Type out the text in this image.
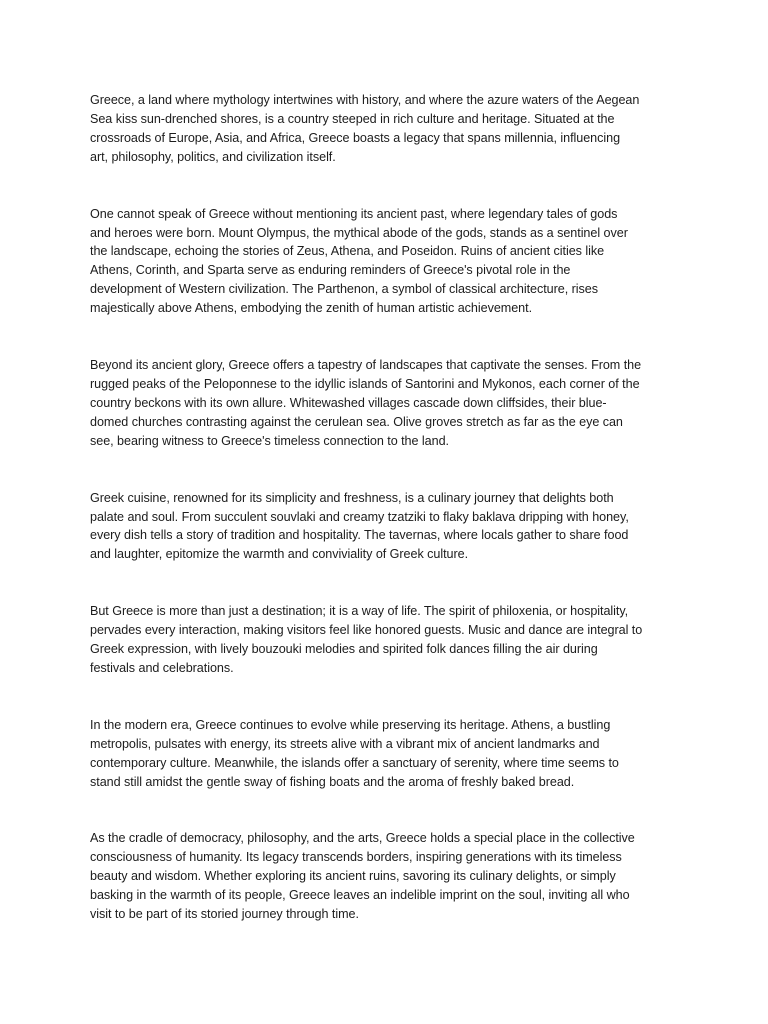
Greece, a land where mythology intertwines with history, and where the azure waters of the Aegean
Sea kiss sun-drenched shores, is a country steeped in rich culture and heritage. Situated at the
crossroads of Europe, Asia, and Africa, Greece boasts a legacy that spans millennia, influencing
art, philosophy, politics, and civilization itself.

One cannot speak of Greece without mentioning its ancient past, where legendary tales of gods
and heroes were born. Mount Olympus, the mythical abode of the gods, stands as a sentinel over
the landscape, echoing the stories of Zeus, Athena, and Poseidon. Ruins of ancient cities like
Athens, Corinth, and Sparta serve as enduring reminders of Greece's pivotal role in the
development of Western civilization. The Parthenon, a symbol of classical architecture, rises
majestically above Athens, embodying the zenith of human artistic achievement.

Beyond its ancient glory, Greece offers a tapestry of landscapes that captivate the senses. From the
rugged peaks of the Peloponnese to the idyllic islands of Santorini and Mykonos, each corner of the
country beckons with its own allure. Whitewashed villages cascade down cliffsides, their blue-
domed churches contrasting against the cerulean sea. Olive groves stretch as far as the eye can
see, bearing witness to Greece's timeless connection to the land.

Greek cuisine, renowned for its simplicity and freshness, is a culinary journey that delights both
palate and soul. From succulent souvlaki and creamy tzatziki to flaky baklava dripping with honey,
every dish tells a story of tradition and hospitality. The tavernas, where locals gather to share food
and laughter, epitomize the warmth and conviviality of Greek culture.

But Greece is more than just a destination; it is a way of life. The spirit of philoxenia, or hospitality,
pervades every interaction, making visitors feel like honored guests. Music and dance are integral to
Greek expression, with lively bouzouki melodies and spirited folk dances filling the air during
festivals and celebrations.

In the modern era, Greece continues to evolve while preserving its heritage. Athens, a bustling
metropolis, pulsates with energy, its streets alive with a vibrant mix of ancient landmarks and
contemporary culture. Meanwhile, the islands offer a sanctuary of serenity, where time seems to
stand still amidst the gentle sway of fishing boats and the aroma of freshly baked bread.

As the cradle of democracy, philosophy, and the arts, Greece holds a special place in the collective
consciousness of humanity. Its legacy transcends borders, inspiring generations with its timeless
beauty and wisdom. Whether exploring its ancient ruins, savoring its culinary delights, or simply
basking in the warmth of its people, Greece leaves an indelible imprint on the soul, inviting all who
visit to be part of its storied journey through time.
